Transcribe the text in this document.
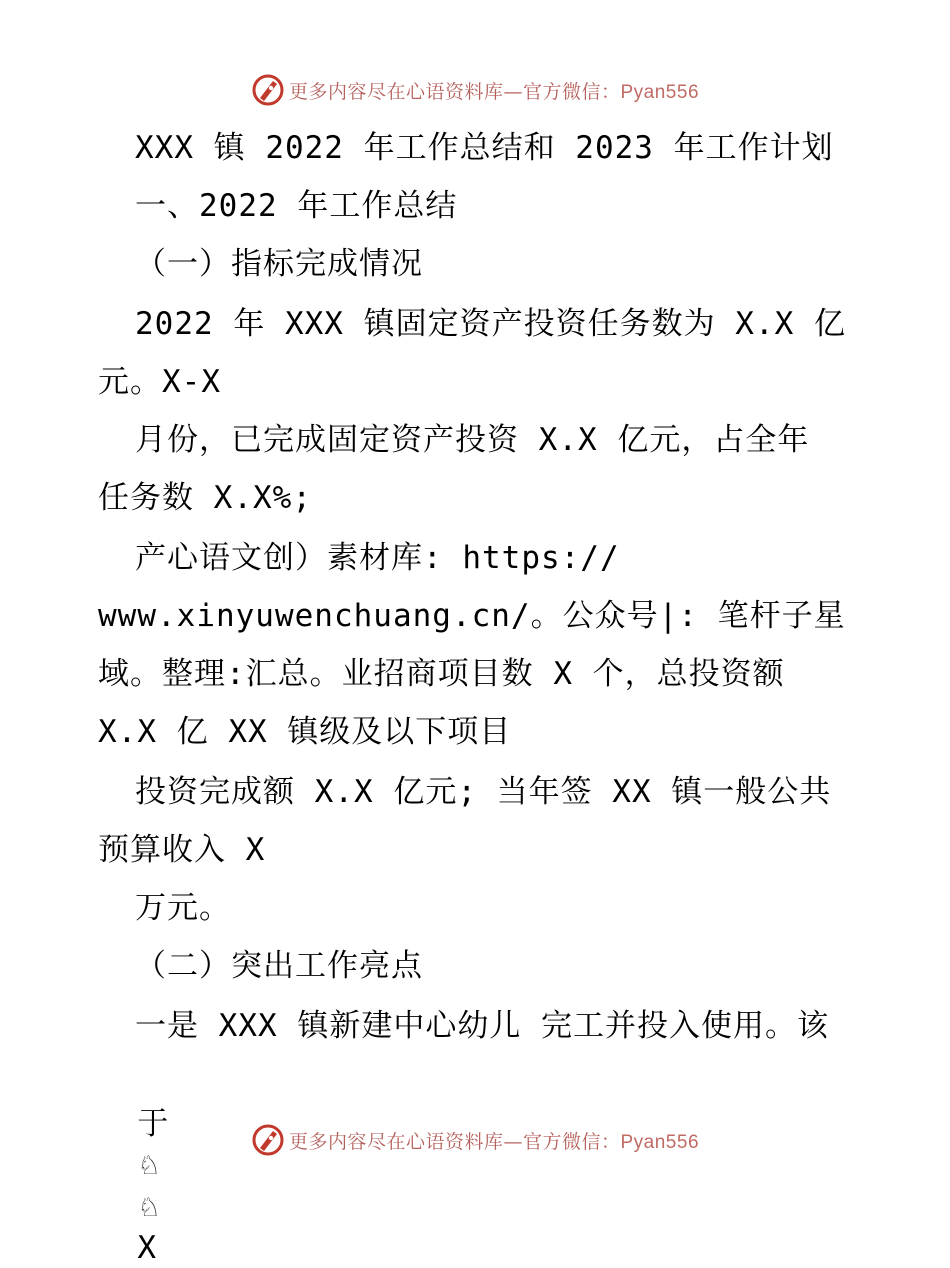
更多内容尽在心语资料库—官方微信：Pyan556
XXX 镇 2022 年工作总结和 2023 年工作计划
一、2022 年工作总结
（一）指标完成情况
2022 年 XXX 镇固定资产投资任务数为 X.X 亿
元。X-X
月份，已完成固定资产投资 X.X 亿元，占全年
任务数 X.X%;
产心语文创）素材库: https://
www.xinyuwenchuang.cn/。公众号|: 笔杆子星
域。整理:汇总。业招商项目数 X 个，总投资额
X.X 亿 XX 镇级及以下项目
投资完成额 X.X 亿元; 当年签 XX 镇一般公共
预算收入 X
万元。
（二）突出工作亮点
一是 XXX 镇新建中心幼儿 完工并投入使用。该

于
♘
♘
X

更多内容尽在心语资料库—官方微信：Pyan556
